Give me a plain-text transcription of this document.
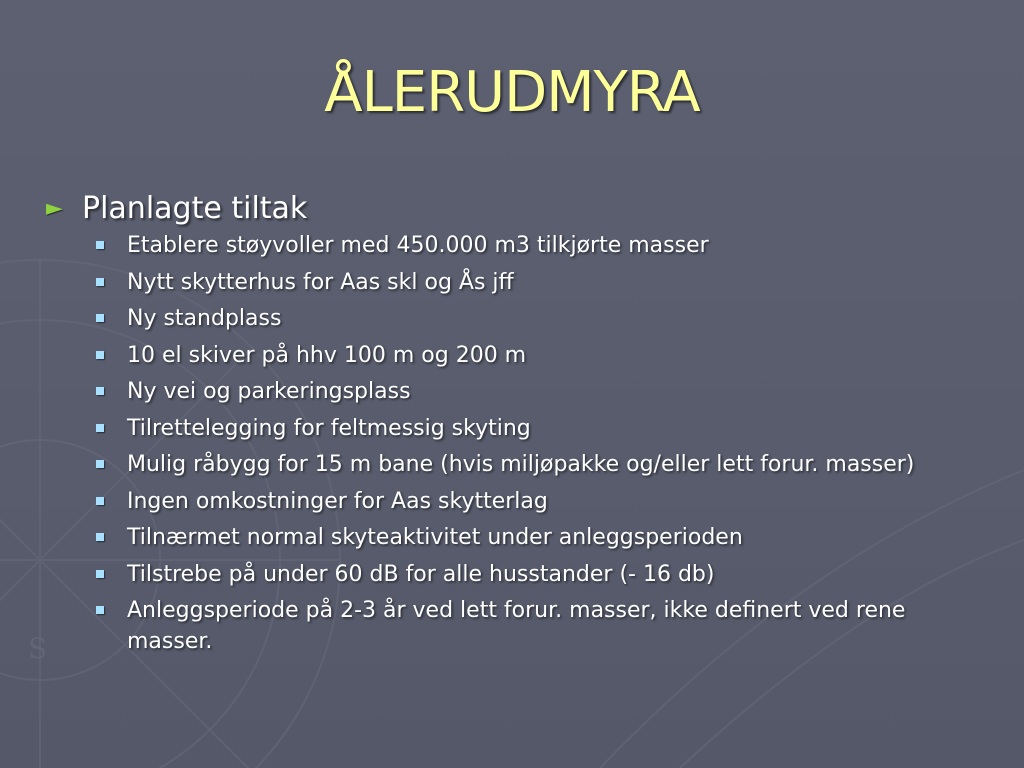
S
ÅLERUDMYRA
► Planlagte tiltak
Etablere støyvoller med 450.000 m3 tilkjørte masser
Nytt skytterhus for Aas skl og Ås jff
Ny standplass
10 el skiver på hhv 100 m og 200 m
Ny vei og parkeringsplass
Tilrettelegging for feltmessig skyting
Mulig råbygg for 15 m bane (hvis miljøpakke og/eller lett forur. masser)
Ingen omkostninger for Aas skytterlag
Tilnærmet normal skyteaktivitet under anleggsperioden
Tilstrebe på under 60 dB for alle husstander (- 16 db)
Anleggsperiode på 2-3 år ved lett forur. masser, ikke definert ved rene masser.
